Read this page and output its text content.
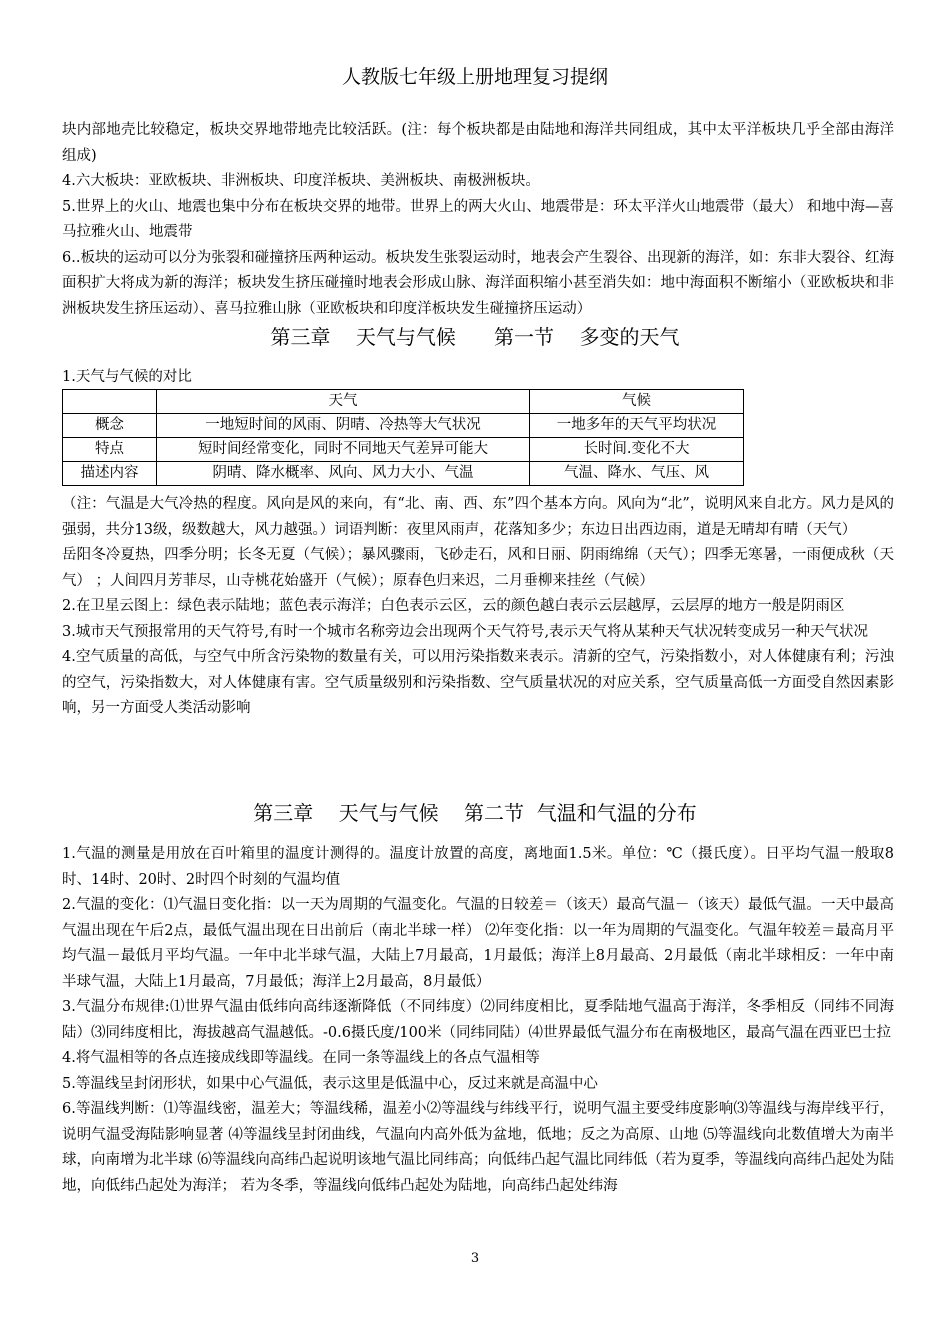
人教版七年级上册地理复习提纲

块内部地壳比较稳定，板块交界地带地壳比较活跃。(注：每个板块都是由陆地和海洋共同组成，其中太平洋板块几乎全部由海洋组成)

4.六大板块：亚欧板块、非洲板块、印度洋板块、美洲板块、南极洲板块。

5.世界上的火山、地震也集中分布在板块交界的地带。世界上的两大火山、地震带是：环太平洋火山地震带（最大） 和地中海—喜马拉雅火山、地震带

6..板块的运动可以分为张裂和碰撞挤压两种运动。板块发生张裂运动时，地表会产生裂谷、出现新的海洋，如：东非大裂谷、红海面积扩大将成为新的海洋；板块发生挤压碰撞时地表会形成山脉、海洋面积缩小甚至消失如：地中海面积不断缩小（亚欧板块和非洲板块发生挤压运动）、喜马拉雅山脉（亚欧板块和印度洋板块发生碰撞挤压运动）

第三章    天气与气候      第一节    多变的天气
1.天气与气候的对比
	天气	气候
概念	一地短时间的风雨、阴晴、冷热等大气状况	一地多年的天气平均状况
特点	短时间经常变化，同时不同地天气差异可能大	长时间.变化不大
描述内容	阴晴、降水概率、风向、风力大小、气温	气温、降水、气压、风

（注：气温是大气冷热的程度。风向是风的来向，有“北、南、西、东”四个基本方向。风向为“北”，说明风来自北方。风力是风的强弱，共分13级，级数越大，风力越强。）词语判断：夜里风雨声，花落知多少；东边日出西边雨，道是无晴却有晴（天气）

岳阳冬冷夏热，四季分明；长冬无夏（气候）；暴风骤雨，飞砂走石，风和日丽、阴雨绵绵（天气）；四季无寒暑，一雨便成秋（天气） ；人间四月芳菲尽，山寺桃花始盛开（气候）；原春色归来迟，二月垂柳来挂丝（气候）

2.在卫星云图上：绿色表示陆地；蓝色表示海洋；白色表示云区，云的颜色越白表示云层越厚，云层厚的地方一般是阴雨区

3.城市天气预报常用的天气符号,有时一个城市名称旁边会出现两个天气符号,表示天气将从某种天气状况转变成另一种天气状况

4.空气质量的高低，与空气中所含污染物的数量有关，可以用污染指数来表示。清新的空气，污染指数小，对人体健康有利；污浊的空气，污染指数大，对人体健康有害。空气质量级别和污染指数、空气质量状况的对应关系，空气质量高低一方面受自然因素影响，另一方面受人类活动影响

第三章    天气与气候    第二节  气温和气温的分布

1.气温的测量是用放在百叶箱里的温度计测得的。温度计放置的高度，离地面1.5米。单位：℃（摄氏度）。日平均气温一般取8时、14时、20时、2时四个时刻的气温均值

2.气温的变化：⑴气温日变化指：以一天为周期的气温变化。气温的日较差＝（该天）最高气温－（该天）最低气温。一天中最高气温出现在午后2点，最低气温出现在日出前后（南北半球一样） ⑵年变化指：以一年为周期的气温变化。气温年较差＝最高月平均气温－最低月平均气温。一年中北半球气温，大陆上7月最高，1月最低；海洋上8月最高、2月最低（南北半球相反：一年中南半球气温，大陆上1月最高，7月最低；海洋上2月最高，8月最低）

3.气温分布规律:⑴世界气温由低纬向高纬逐渐降低（不同纬度）⑵同纬度相比，夏季陆地气温高于海洋，冬季相反（同纬不同海陆）⑶同纬度相比，海拔越高气温越低。-0.6摄氏度/100米（同纬同陆）⑷世界最低气温分布在南极地区，最高气温在西亚巴士拉

4.将气温相等的各点连接成线即等温线。在同一条等温线上的各点气温相等

5.等温线呈封闭形状，如果中心气温低，表示这里是低温中心，反过来就是高温中心

6.等温线判断：⑴等温线密，温差大；等温线稀，温差小⑵等温线与纬线平行，说明气温主要受纬度影响⑶等温线与海岸线平行，说明气温受海陆影响显著 ⑷等温线呈封闭曲线，气温向内高外低为盆地，低地；反之为高原、山地 ⑸等温线向北数值增大为南半球，向南增为北半球 ⑹等温线向高纬凸起说明该地气温比同纬高；向低纬凸起气温比同纬低（若为夏季，等温线向高纬凸起处为陆地，向低纬凸起处为海洋； 若为冬季，等温线向低纬凸起处为陆地，向高纬凸起处纬海

3
